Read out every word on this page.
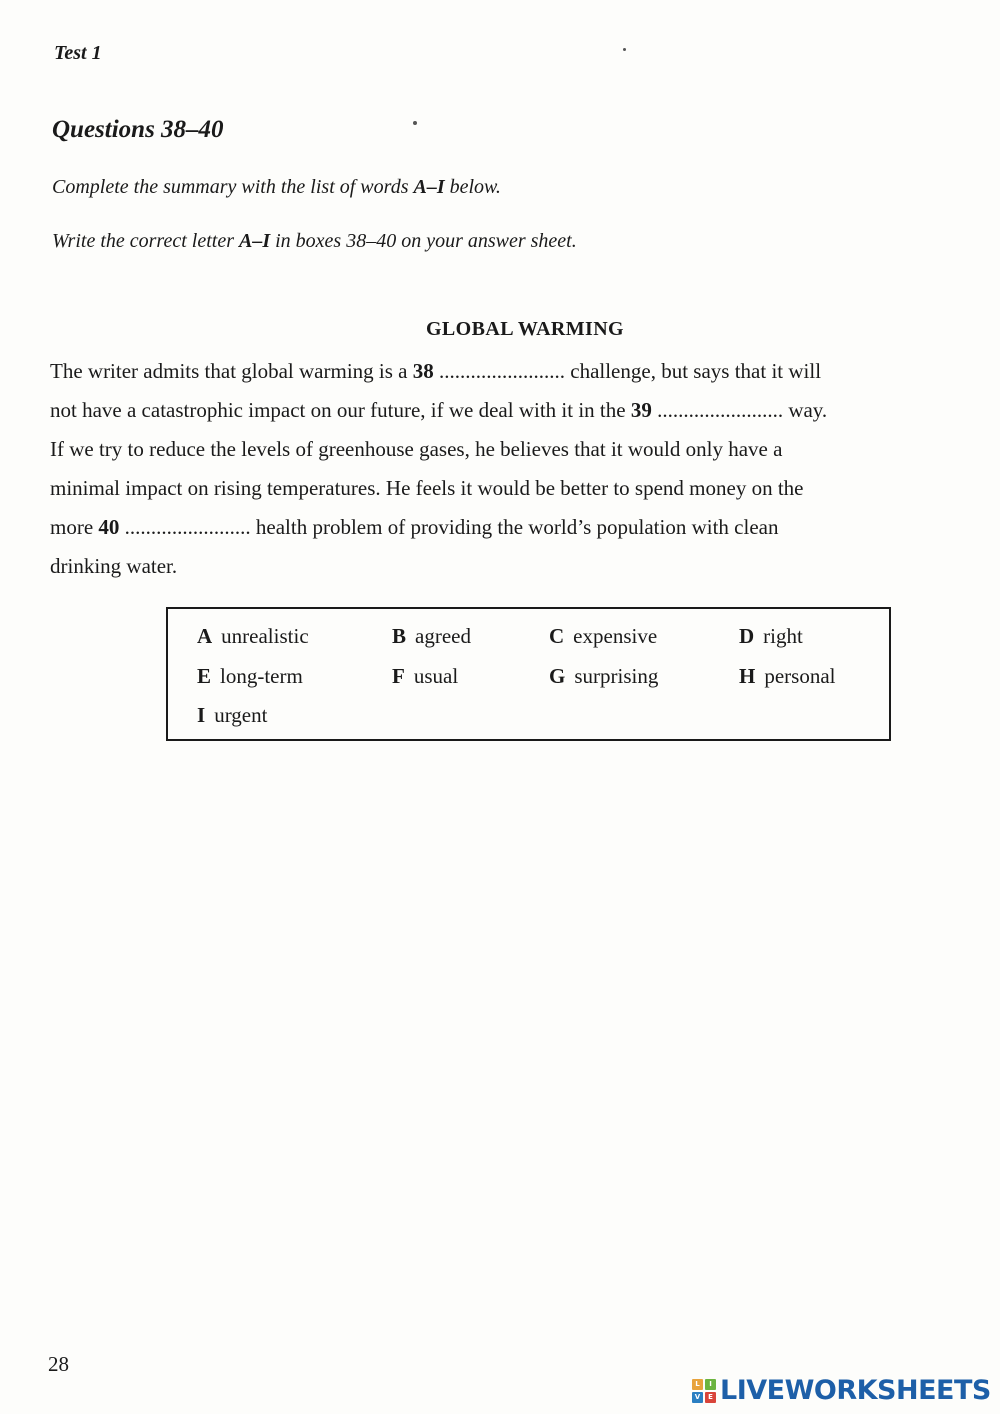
Test 1
Questions 38–40
Complete the summary with the list of words A–I below.
Write the correct letter A–I in boxes 38–40 on your answer sheet.
GLOBAL WARMING
The writer admits that global warming is a 38 ........................ challenge, but says that it will
not have a catastrophic impact on our future, if we deal with it in the 39 ........................ way.
If we try to reduce the levels of greenhouse gases, he believes that it would only have a
minimal impact on rising temperatures. He feels it would be better to spend money on the
more 40 ........................ health problem of providing the world’s population with clean
drinking water.
A unrealistic	B agreed	C expensive	D right
E long-term	F usual	G surprising	H personal
I urgent
28
L	I
V	E LIVEWORKSHEETS
